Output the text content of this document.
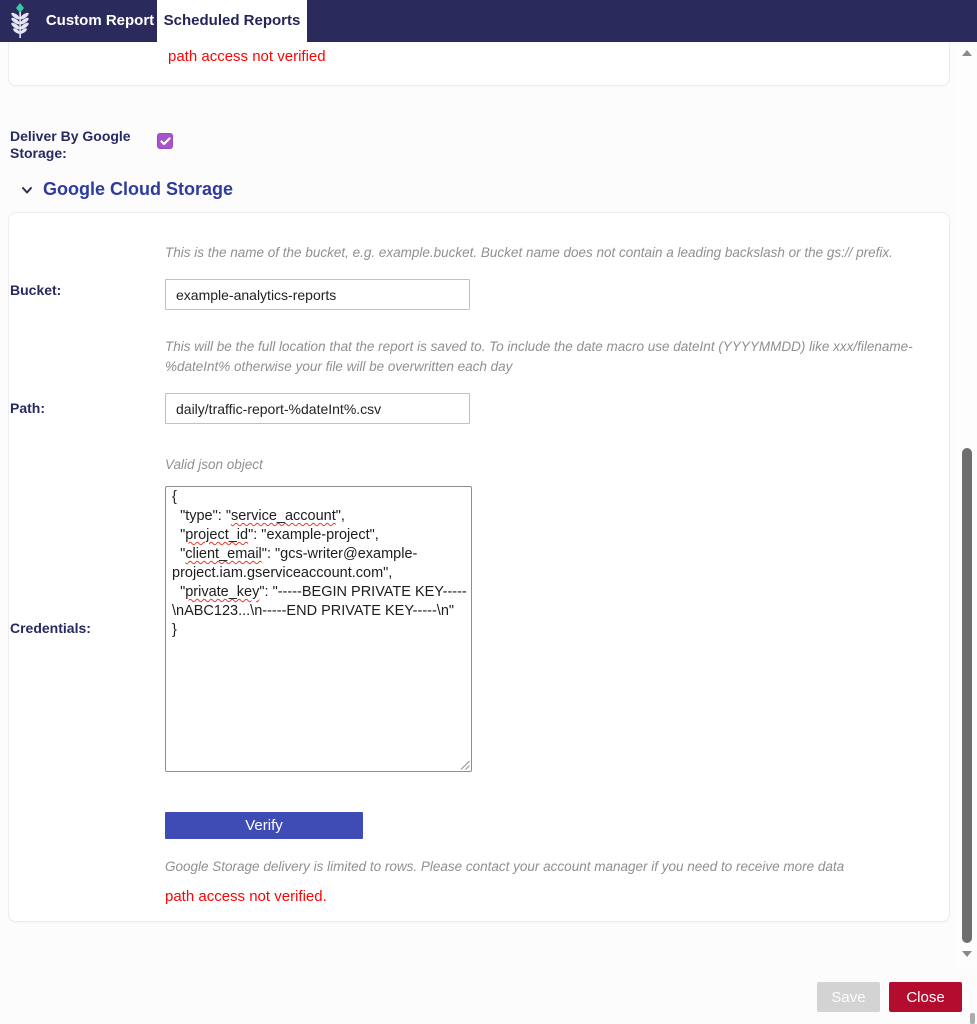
Custom Report Scheduled Reports
path access not verified
Deliver By Google Storage:
Google Cloud Storage
This is the name of the bucket, e.g. example.bucket. Bucket name does not contain a leading backslash or the gs:// prefix.
Bucket:
example-analytics-reports
This will be the full location that the report is saved to. To include the date macro use dateInt (YYYYMMDD) like xxx/filename-%dateInt% otherwise your file will be overwritten each day
Path:
daily/traffic-report-%dateInt%.csv
Valid json object
Credentials:
{
"type": "service_account",
"project_id": "example-project",
"client_email": "gcs-writer@example-project.iam.gserviceaccount.com",
"private_key": "-----BEGIN PRIVATE KEY-----\nABC123...\n-----END PRIVATE KEY-----\n"
}
Verify
Google Storage delivery is limited to rows. Please contact your account manager if you need to receive more data
path access not verified.
Save	Close
